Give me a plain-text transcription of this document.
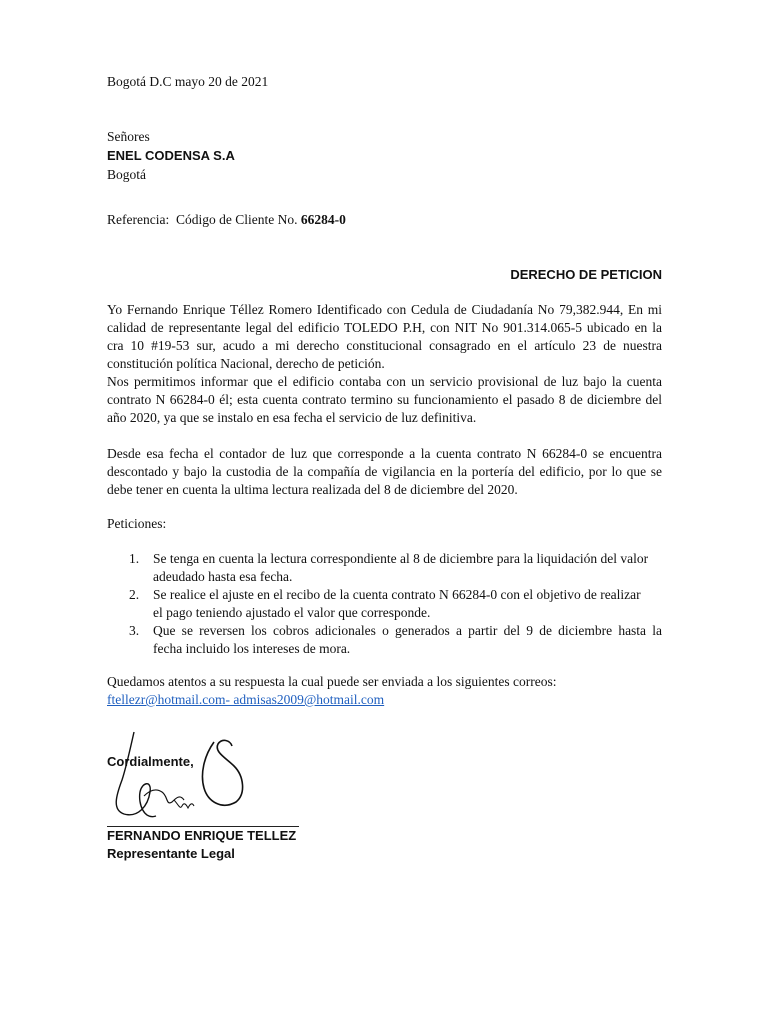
Bogotá D.C mayo 20 de 2021
Señores
ENEL CODENSA S.A
Bogotá
Referencia: Código de Cliente No. 66284-0
DERECHO DE PETICION
Yo Fernando Enrique Téllez Romero Identificado con Cedula de Ciudadanía No 79,382.944, En mi
calidad de representante legal del edificio TOLEDO P.H, con NIT No 901.314.065-5 ubicado en la
cra 10 #19-53 sur, acudo a mi derecho constitucional consagrado en el artículo 23 de nuestra
constitución política Nacional, derecho de petición.
Nos permitimos informar que el edificio contaba con un servicio provisional de luz bajo la cuenta
contrato N 66284-0 él; esta cuenta contrato termino su funcionamiento el pasado 8 de diciembre del
año 2020, ya que se instalo en esa fecha el servicio de luz definitiva.
Desde esa fecha el contador de luz que corresponde a la cuenta contrato N 66284-0 se encuentra
descontado y bajo la custodia de la compañía de vigilancia en la portería del edificio, por lo que se
debe tener en cuenta la ultima lectura realizada del 8 de diciembre del 2020.
Peticiones:
1. Se tenga en cuenta la lectura correspondiente al 8 de diciembre para la liquidación del valor
adeudado hasta esa fecha.
2. Se realice el ajuste en el recibo de la cuenta contrato N 66284-0 con el objetivo de realizar
el pago teniendo ajustado el valor que corresponde.
3. Que se reversen los cobros adicionales o generados a partir del 9 de diciembre hasta la
fecha incluido los intereses de mora.
Quedamos atentos a su respuesta la cual puede ser enviada a los siguientes correos:
ftellezr@hotmail.com- admisas2009@hotmail.com
Cordialmente,
FERNANDO ENRIQUE TELLEZ
Representante Legal
